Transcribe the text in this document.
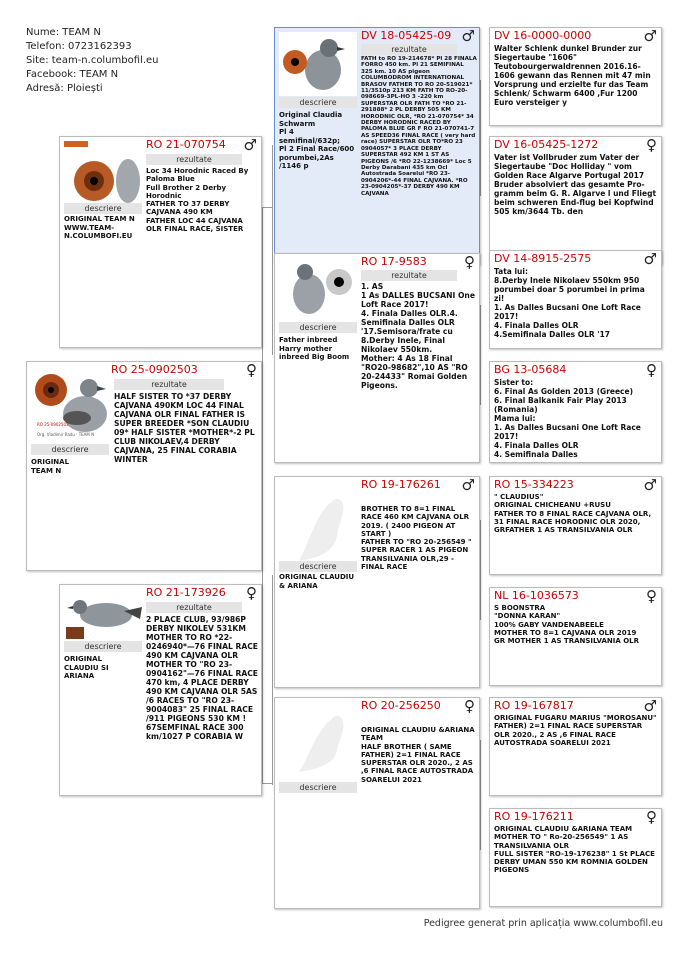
Nume: TEAM N
Telefon: 0723162393
Site: team-n.columbofil.eu
Facebook: TEAM N
Adresă: Ploiești
RO 25-0902503	♀
rezultate
RO 25-0902503
Org. Vladimir Radu · TEAM N
descriere
ORIGINAL
TEAM N
HALF SISTER TO *37 DERBY CAJVANA 490KM LOC 44 FINAL CAJVANA OLR FINAL FATHER IS SUPER BREEDER *SON CLAUDIU 09* HALF SISTER *MOTHER*-2 PL CLUB NIKOLAEV,4 DERBY CAJVANA, 25 FINAL CORABIA WINTER
RO 21-070754 ♂
rezultate
descriere
ORIGINAL TEAM N
WWW.TEAM-N.COLUMBOFI.EU
Loc 34 Horodnic Raced By Paloma Blue
Full Brother 2 Derby Horodnic
FATHER TO 37 DERBY CAJVANA 490 KM
FATHER LOC 44 CAJVANA OLR FINAL RACE, SISTER
RO 21-173926 ♀
rezultate
descriere
ORIGINAL CLAUDIU SI ARIANA
2 PLACE CLUB, 93/986P DERBY NIKOLEV 531KM MOTHER TO RO *22-0246940*—76 FINAL RACE 490 KM CAJVANA OLR MOTHER TO "RO 23-0904162"—76 FINAL RACE 470 km, 4 PLACE DERBY 490 KM CAJVANA OLR 5AS /6 RACES TO "RO 23-9004083" 25 FINAL RACE /911 PIGEONS 530 KM ! 67SEMFINAL RACE 300 km/1027 P CORABIA W
DV 18-05425-09 ♂
rezultate
descriere
Original Claudia Schwarm
Pl 4 semifinal/632p;
Pl 2 Final Race/600 porumbei,2As /1146 p
FATH to RO 19-214678* Pl 28 FINALA FORRO 450 km. Pl 21 SEMIFINAL 325 km. 10 AS pigeon COLUMBODROM INTERNATIONAL BRASOV FATHER TO RO 20-519021* 11/3510p 213 KM FATH TO RO-20-098669-3PL-HO 3 -220 km SUPERSTAR OLR FATH TO *RO 21-291888* 2 PL DERBY 505 KM HORODNIC OLR, *RO 21-070754* 34 DERBY HORODNIC RACED BY PALOMA BLUE GR F RO 21-070741-7 AS SPEED36 FINAL RACE ( very hard race) SUPERSTAR OLR TO*RO 23 0904057* 3 PLACE DERBY SUPERSTAR 492 KM 1 ST AS PIGEONS /6 *RO 22-1238669* Loc 5 Derby Darabani 435 km Ocl Autostrada Soarelui *RO 23-0904206*-44 FINAL CAJVANA. *RO 23-0904205*-37 DERBY 490 KM CAJVANA
RO 17-9583 ♀
rezultate
descriere
Father inbreed Harry mother inbreed Big Boom
1. AS
1 As DALLES BUCSANI One Loft Race 2017!
4. Finala Dalles OLR.4. Semifinala Dalles OLR '17.Semisora/frate cu
8.Derby Inele, Final Nikolaev 550km.
Mother: 4 As 18 Final "RO20-98682",10 AS "RO 20-24433" Romai Golden Pigeons.
RO 19-176261 ♂
descriere
ORIGINAL CLAUDIU & ARIANA
BROTHER TO 8=1 FINAL RACE 460 KM CAJVANA OLR 2019. ( 2400 PIGEON AT START )
FATHER TO "RO 20-256549 " SUPER RACER 1 AS PIGEON TRANSILVANIA OLR,29 - FINAL RACE
RO 20-256250 ♀
descriere
ORIGINAL CLAUDIU &ARIANA TEAM
HALF BROTHER ( SAME FATHER) 2=1 FINAL RACE SUPERSTAR OLR 2020., 2 AS ,6 FINAL RACE AUTOSTRADA SOARELUI 2021
DV 16-0000-0000	♂
Walter Schlenk dunkel Brunder zur Siegertaube "1606" Teutobourgerwaldrennen 2016.16-1606 gewann das Rennen mit 47 min Vorsprung und erzielte fur das Team Schlenk/ Schwarm 6400 ,Fur 1200 Euro versteiger y
DV 16-05425-1272	♀
Vater ist Vollbruder zum Vater der Siegertaube "Doc Holliday " vom Golden Race Algarve Portugal 2017 Bruder absolviert das gesamte Pro-gramm beim G. R. Algarve l und Fliegt beim schweren End-flug bei Kopfwind 505 km/3644 Tb. den
DV 14-8915-2575	♂
Tata lui:
8.Derby Inele Nikolaev 550km 950 porumbei doar 5 porumbei in prima zi!
1. As Dalles Bucsani One Loft Race 2017!
4. Finala Dalles OLR
4.Semifinala Dalles OLR '17
BG 13-05684	♀
Sister to:
6. Final As Golden 2013 (Greece)
6. Final Balkanik Fair Play 2013 (Romania)
Mama lui:
1. As Dalles Bucsani One Loft Race 2017!
4. Finala Dalles OLR
4. Semifinala Dalles
RO 15-334223	♂
" CLAUDIUS"
ORIGINAL CHICHEANU +RUSU
FATHER TO 8 FINAL RACE CAJVANA OLR, 31 FINAL RACE HORODNIC OLR 2020, GRFATHER 1 AS TRANSILVANIA OLR
NL 16-1036573	♀
S BOONSTRA
"DONNA KARAN"
100% GABY VANDENABEELE
MOTHER TO 8=1 CAJVANA OLR 2019
GR MOTHER 1 AS TRANSILVANIA OLR
RO 19-167817	♂
ORIGINAL FUGARU MARIUS "MOROSANU"
FATHER) 2=1 FINAL RACE SUPERSTAR OLR 2020., 2 AS ,6 FINAL RACE AUTOSTRADA SOARELUI 2021
RO 19-176211	♀
ORIGINAL CLAUDIU &ARIANA TEAM
MOTHER TO " Ro-20-256549" 1 AS TRANSILVANIA OLR
FULL SISTER "RO-19-176238" 1 St PLACE DERBY UMAN 550 KM ROMNIA GOLDEN PIGEONS
Pedigree generat prin aplicația www.columbofil.eu
